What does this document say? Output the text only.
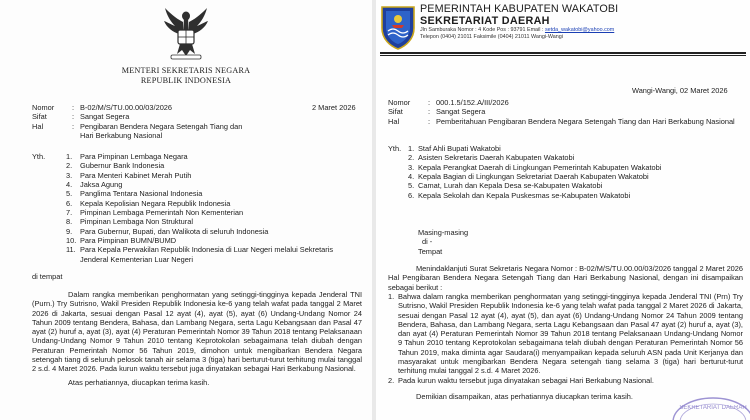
MENTERI SEKRETARIS NEGARA
REPUBLIK INDONESIA
Nomor	: B-02/M/S/TU.00.00/03/2026
Sifat	: Sangat Segera
Hal	: Pengibaran Bendera Negara Setengah Tiang dan Hari Berkabung Nasional
2 Maret 2026
Yth.	1.	Para Pimpinan Lembaga Negara
2.	Gubernur Bank Indonesia
3.	Para Menteri Kabinet Merah Putih
4.	Jaksa Agung
5.	Panglima Tentara Nasional Indonesia
6.	Kepala Kepolisian Negara Republik Indonesia
7.	Pimpinan Lembaga Pemerintah Non Kementerian
8.	Pimpinan Lembaga Non Struktural
9.	Para Gubernur, Bupati, dan Walikota di seluruh Indonesia
10. Para Pimpinan BUMN/BUMD
11. Para Kepala Perwakilan Republik Indonesia di Luar Negeri melalui Sekretaris Jenderal Kementerian Luar Negeri
di tempat
Dalam rangka memberikan penghormatan yang setinggi-tingginya kepada Jenderal TNI (Purn.) Try Sutrisno, Wakil Presiden Republik Indonesia ke-6 yang telah wafat pada tanggal 2 Maret 2026 di Jakarta, sesuai dengan Pasal 12 ayat (4), ayat (5), ayat (6) Undang-Undang Nomor 24 Tahun 2009 tentang Bendera, Bahasa, dan Lambang Negara, serta Lagu Kebangsaan dan Pasal 47 ayat (2) huruf a, ayat (3), ayat (4) Peraturan Pemerintah Nomor 39 Tahun 2018 tentang Pelaksanaan Undang-Undang Nomor 9 Tahun 2010 tentang Keprotokolan sebagaimana telah diubah dengan Peraturan Pemerintah Nomor 56 Tahun 2019, dimohon untuk mengibarkan Bendera Negara setengah tiang di seluruh pelosok tanah air selama 3 (tiga) hari berturut-turut terhitung mulai tanggal 2 s.d. 4 Maret 2026. Pada kurun waktu tersebut juga dinyatakan sebagai Hari Berkabung Nasional.
Atas perhatiannya, diucapkan terima kasih.
PEMERINTAH KABUPATEN WAKATOBI
SEKRETARIAT DAERAH
Jln Samburaka Nomor : 4 Kode Pos : 93791 Email : setda_wakatobi@yahoo.com
Telepon (0404) 21011 Faksimile (0404) 21011 Wangi-Wangi
Wangi-Wangi, 02 Maret 2026
Nomor	: 000.1.5/152.A/III/2026
Sifat	: Sangat Segera
Hal	: Pemberitahuan Pengibaran Bendera Negara Setengah Tiang dan Hari Berkabung Nasional
Yth. 1. Staf Ahli Bupati Wakatobi
2. Asisten Sekretaris Daerah Kabupaten Wakatobi
3. Kepala Perangkat Daerah di Lingkungan Pemerintah Kabupaten Wakatobi
4. Kepala Bagian di Lingkungan Sekretariat Daerah Kabupaten Wakatobi
5. Camat, Lurah dan Kepala Desa se-Kabupaten Wakatobi
6. Kepala Sekolah dan Kepala Puskesmas se-Kabupaten Wakatobi
Masing-masing
di -
Tempat
Menindaklanjuti Surat Sekretaris Negara Nomor : B-02/M/S/TU.00.00/03/2026 tanggal 2 Maret 2026 Hal Pengibaran Bendera Negara Setengah Tiang dan Hari Berkabung Nasional, dengan ini disampaikan sebagai berikut :
1. Bahwa dalam rangka memberikan penghormatan yang setinggi-tingginya kepada Jenderal TNI (Prn) Try Sutrisno, Wakil Presiden Republik Indonesia ke-6 yang telah wafat pada tanggal 2 Maret 2026 di Jakarta, sesuai dengan Pasal 12 ayat (4), ayat (5), dan ayat (6) Undang-Undang Nomor 24 Tahun 2009 tentang Bendera, Bahasa, dan Lambang Negara, serta Lagu Kebangsaan dan Pasal 47 ayat (2) huruf a, ayat (3), dan ayat (4) Peraturan Pemerintah Nomor 39 Tahun 2018 tentang Pelaksanaan Undang-Undang Nomor 9 Tahun 2010 tentang Keprotokolan sebagaimana telah diubah dengan Peraturan Pemerintah Nomor 56 Tahun 2019, maka diminta agar Saudara(i) menyampaikan kepada seluruh ASN pada Unit Kerjanya dan masyarakat untuk mengibarkan Bendera Negara setengah tiang selama 3 (tiga) hari berturut-turut terhitung mulai tanggal 2 s.d. 4 Maret 2026.
2. Pada kurun waktu tersebut juga dinyatakan sebagai Hari Berkabung Nasional.
Demikian disampaikan, atas perhatiannya diucapkan terima kasih.
SEKRETARIAT DAERAH
